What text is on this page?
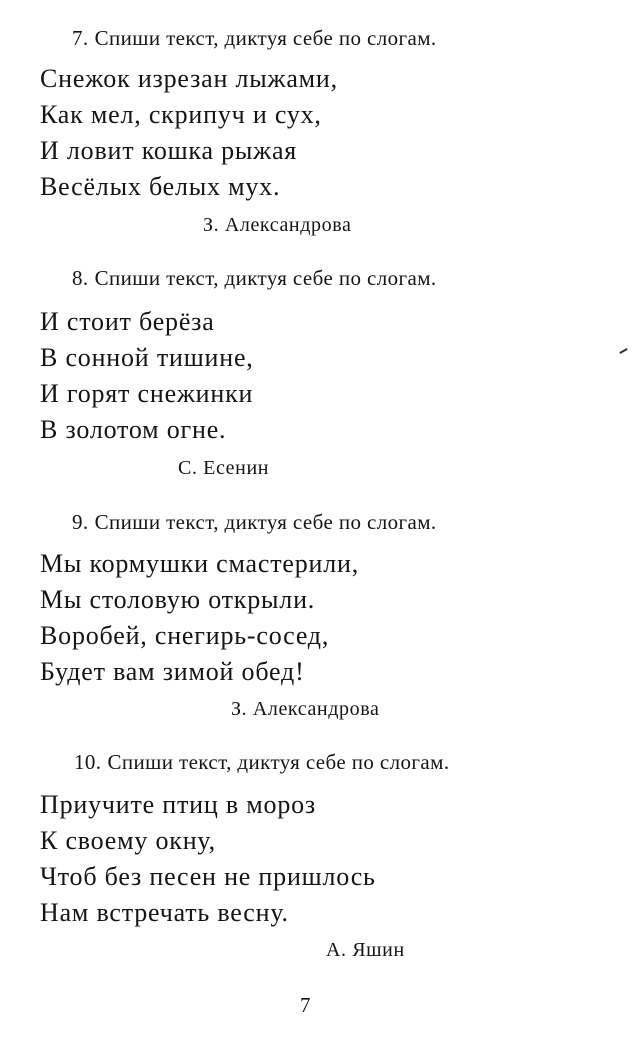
7. Спиши текст, диктуя себе по слогам.
Снежок изрезан лыжами,
Как мел, скрипуч и сух,
И ловит кошка рыжая
Весёлых белых мух.
З. Александрова
8. Спиши текст, диктуя себе по слогам.
И стоит берёза
В сонной тишине,
И горят снежинки
В золотом огне.
С. Есенин
9. Спиши текст, диктуя себе по слогам.
Мы кормушки смастерили,
Мы столовую открыли.
Воробей, снегирь-сосед,
Будет вам зимой обед!
З. Александрова
10. Спиши текст, диктуя себе по слогам.
Приучите птиц в мороз
К своему окну,
Чтоб без песен не пришлось
Нам встречать весну.
А. Яшин
7
